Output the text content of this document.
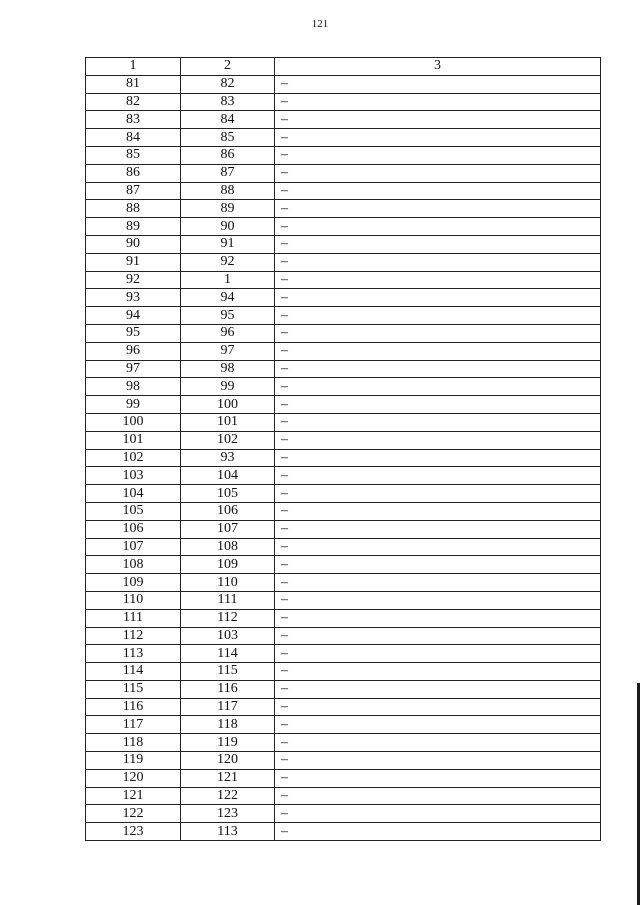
121
1	2	3
81	82	–
82	83	–
83	84	–
84	85	–
85	86	–
86	87	–
87	88	–
88	89	–
89	90	–
90	91	–
91	92	–
92	1	–
93	94	–
94	95	–
95	96	–
96	97	–
97	98	–
98	99	–
99	100	–
100	101	–
101	102	–
102	93	–
103	104	–
104	105	–
105	106	–
106	107	–
107	108	–
108	109	–
109	110	–
110	111	–
111	112	–
112	103	–
113	114	–
114	115	–
115	116	–
116	117	–
117	118	–
118	119	–
119	120	–
120	121	–
121	122	–
122	123	–
123	113	–
